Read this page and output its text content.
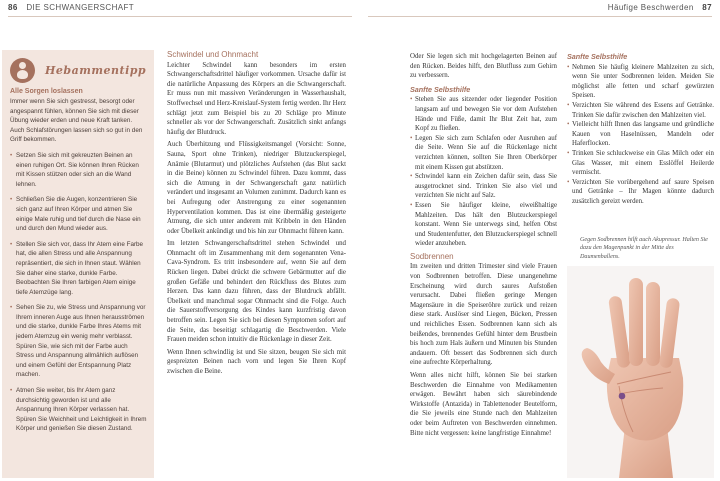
86 DIE SCHWANGERSCHAFT	Häufige Beschwerden 87
Hebammentipp
Alle Sorgen loslassen

Immer wenn Sie sich gestresst, besorgt oder angespannt fühlen, können Sie sich mit dieser Übung wieder erden und neue Kraft tanken. Auch Schlafstörungen lassen sich so gut in den Griff bekommen.

• Setzen Sie sich mit gekreuzten Beinen an einen ruhigen Ort. Sie können Ihren Rücken mit Kissen stützen oder sich an die Wand lehnen.
• Schließen Sie die Augen, konzentrieren Sie sich ganz auf Ihren Körper und atmen Sie einige Male ruhig und tief durch die Nase ein und durch den Mund wieder aus.
• Stellen Sie sich vor, dass Ihr Atem eine Farbe hat, die allen Stress und alle Anspannung repräsentiert, die sich in Ihnen staut. Wählen Sie daher eine starke, dunkle Farbe. Beobachten Sie Ihren farbigen Atem einige tiefe Atemzüge lang.
• Sehen Sie zu, wie Stress und Anspannung vor Ihrem inneren Auge aus Ihnen herausströmen und die starke, dunkle Farbe Ihres Atems mit jedem Atemzug ein wenig mehr verblasst. Spüren Sie, wie sich mit der Farbe auch Stress und Anspannung allmählich auflösen und einem Gefühl der Entspannung Platz machen.
• Atmen Sie weiter, bis Ihr Atem ganz durchsichtig geworden ist und alle Anspannung Ihren Körper verlassen hat. Spüren Sie Weichheit und Leichtigkeit in Ihrem Körper und genießen Sie diesen Zustand.
Schwindel und Ohnmacht

Leichter Schwindel kann besonders im ersten Schwangerschaftsdrittel häufiger vorkommen. Ursache dafür ist die natürliche Anpassung des Körpers an die Schwangerschaft. Er muss nun mit massiven Veränderungen in Wasserhaushalt, Stoffwechsel und Herz-Kreislauf-System fertig werden. Ihr Herz schlägt jetzt zum Beispiel bis zu 20 Schläge pro Minute schneller als vor der Schwangerschaft. Zusätzlich sinkt anfangs häufig der Blutdruck.

Auch Überhitzung und Flüssigkeitsmangel (Vorsicht: Sonne, Sauna, Sport ohne Trinken), niedriger Blutzuckerspiegel, Anämie (Blutarmut) und plötzliches Aufstehen (das Blut sackt in die Beine) können zu Schwindel führen. Dazu kommt, dass sich die Atmung in der Schwangerschaft ganz natürlich verändert und insgesamt an Volumen zunimmt. Dadurch kann es bei Aufregung oder Anstrengung zu einer sogenannten Hyperventilation kommen. Das ist eine übermäßig gesteigerte Atmung, die sich unter anderem mit Kribbeln in den Händen oder Übelkeit ankündigt und bis hin zur Ohnmacht führen kann.

Im letzten Schwangerschaftsdrittel stehen Schwindel und Ohnmacht oft im Zusammenhang mit dem sogenannten Vena-Cava-Syndrom. Es tritt insbesondere auf, wenn Sie auf dem Rücken liegen. Dabei drückt die schwere Gebärmutter auf die großen Gefäße und behindert den Rückfluss des Blutes zum Herzen. Das kann dazu führen, dass der Blutdruck abfällt. Übelkeit und manchmal sogar Ohnmacht sind die Folge. Auch die Sauerstoffversorgung des Kindes kann kurzfristig davon betroffen sein. Legen Sie sich bei diesen Symptomen sofort auf die Seite, das beseitigt schlagartig die Beschwerden. Viele Frauen meiden schon intuitiv die Rückenlage in dieser Zeit.

Wenn Ihnen schwindlig ist und Sie sitzen, beugen Sie sich mit gespreizten Beinen nach vorn und legen Sie Ihren Kopf zwischen die Beine.

Oder Sie legen sich mit hochgelagerten Beinen auf den Rücken. Beides hilft, den Blutfluss zum Gehirn zu verbessern.

Sanfte Selbsthilfe
• Stehen Sie aus sitzender oder liegender Position langsam auf und bewegen Sie vor dem Aufstehen Hände und Füße, damit Ihr Blut Zeit hat, zum Kopf zu fließen.
• Legen Sie sich zum Schlafen oder Ausruhen auf die Seite. Wenn Sie auf die Rückenlage nicht verzichten können, sollten Sie Ihren Oberkörper mit einem Kissen gut abstützen.
• Schwindel kann ein Zeichen dafür sein, dass Sie ausgetrocknet sind. Trinken Sie also viel und verzichten Sie nicht auf Salz.
• Essen Sie häufiger kleine, eiweißhaltige Mahlzeiten. Das hält den Blutzuckerspiegel konstant. Wenn Sie unterwegs sind, helfen Obst und Studentenfutter, den Blutzuckerspiegel schnell wieder anzuheben.
Sodbrennen

Im zweiten und dritten Trimester sind viele Frauen von Sodbrennen betroffen. Diese unangenehme Erscheinung wird durch saures Aufstoßen verursacht. Dabei fließen geringe Mengen Magensäure in die Speiseröhre zurück und reizen diese stark. Auslöser sind Liegen, Bücken, Pressen und reichliches Essen. Sodbrennen kann sich als beißendes, brennendes Gefühl hinter dem Brustbein bis hoch zum Hals äußern und Minuten bis Stunden andauern. Oft bessert das Sodbrennen sich durch eine aufrechte Körperhaltung.

Wenn alles nicht hilft, können Sie bei starken Beschwerden die Einnahme von Medikamenten erwägen. Bewährt haben sich säurebindende Wirkstoffe (Antazida) in Tablettenoder Beutelform, die Sie jeweils eine Stunde nach den Mahlzeiten oder beim Auftreten von Beschwerden einnehmen. Bitte nicht vergessen: keine langfristige Einnahme!

Sanfte Selbsthilfe
• Nehmen Sie häufig kleinere Mahlzeiten zu sich, wenn Sie unter Sodbrennen leiden. Meiden Sie möglichst alle fetten und scharf gewürzten Speisen.
• Verzichten Sie während des Essens auf Getränke. Trinken Sie dafür zwischen den Mahlzeiten viel.
• Vielleicht hilft Ihnen das langsame und gründliche Kauen von Haselnüssen, Mandeln oder Haferflocken.
• Trinken Sie schluckweise ein Glas Milch oder ein Glas Wasser, mit einem Esslöffel Heilerde vermischt.
• Verzichten Sie vorübergehend auf saure Speisen und Getränke – Ihr Magen könnte dadurch zusätzlich gereizt werden.

Gegen Sodbrennen hilft auch Akupressur. Halten Sie dazu den Magenpunkt in der Mitte des Daumenballens.
